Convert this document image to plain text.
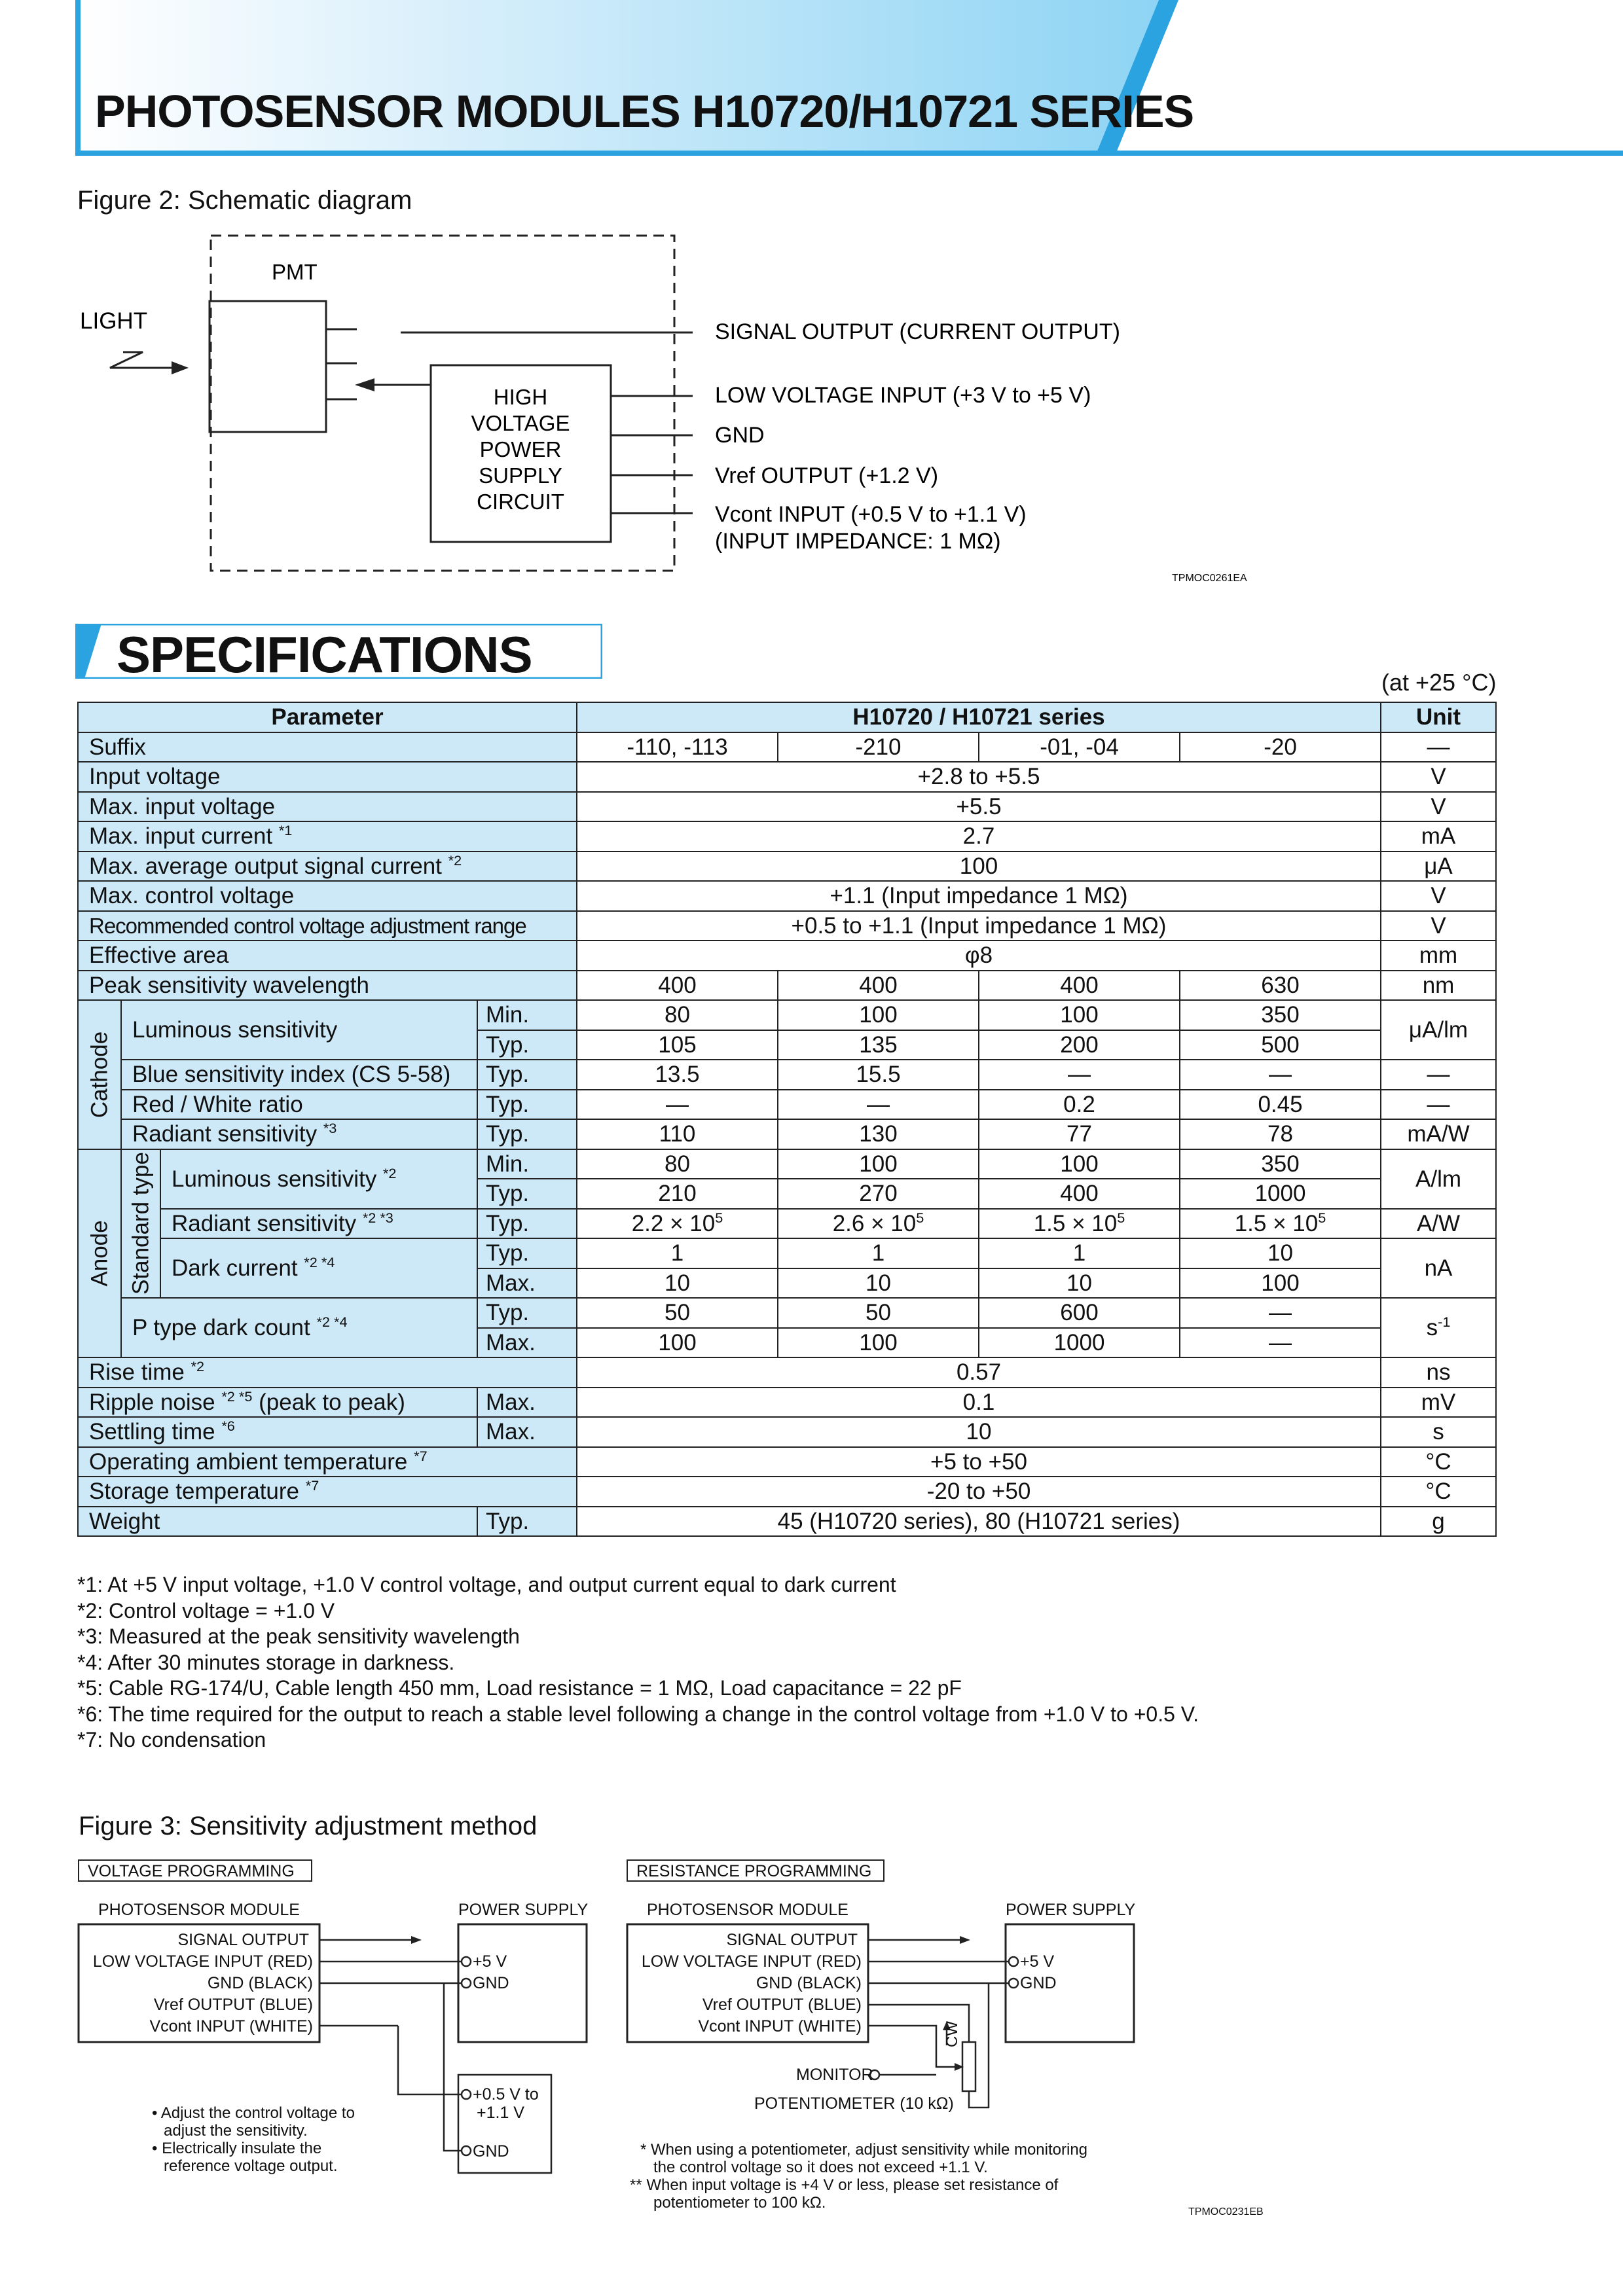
PHOTOSENSOR MODULES H10720/H10721 SERIES
Figure 2: Schematic diagram
PMT
LIGHT
HIGH
VOLTAGE
POWER
SUPPLY
CIRCUIT
SIGNAL OUTPUT (CURRENT OUTPUT)
LOW VOLTAGE INPUT (+3 V to +5 V)
GND
Vref OUTPUT (+1.2 V)
Vcont INPUT (+0.5 V to +1.1 V)
(INPUT IMPEDANCE: 1 MΩ)
TPMOC0261EA
SPECIFICATIONS	(at +25 °C)
Parameter				H10720 / H10721 series				Unit
Suffix				-110, -113	-210	-01, -04	-20	—
Input voltage				+2.8 to +5.5				V
Max. input voltage				+5.5				V
Max. input current $^{*1}$				2.7				mA
Max. average output signal current $^{*2}$				100				μA
Max. control voltage				+1.1 (Input impedance 1 MΩ)				V
Recommended control voltage adjustment range				+0.5 to +1.1 (Input impedance 1 MΩ)				V
Effective area				φ8				mm
Peak sensitivity wavelength				400	400	400	630	nm

Cathode	Luminous sensitivity		Min.	80	100	100	350	μA/lm
			Typ.	105	135	200	500	
	Blue sensitivity index (CS 5-58)		Typ.	13.5	15.5	—	—	—
	Red / White ratio		Typ.	—	—	0.2	0.45	—
	Radiant sensitivity $^{*3}$		Typ.	110	130	77	78	mA/W

Anode	Standard type	Luminous sensitivity $^{*2}$	Min.	80	100	100	350	A/lm
			Typ.	210	270	400	1000	
		Radiant sensitivity $^{*2 *3}$	Typ.	$2.2 \times 10^5$	$2.6 \times 10^5$	$1.5 \times 10^5$	$1.5 \times 10^5$	A/W
		Dark current $^{*2 *4}$	Typ.	1	1	1	10	nA
			Max.	10	10	10	100	
	P type dark count $^{*2 *4}$		Typ.	50	50	600	—	$s^{-1}$
			Max.	100	100	1000	—	
Rise time $^{*2}$				0.57				ns
Ripple noise $^{*2 *5}$ (peak to peak)			Max.	0.1				mV
Settling time $^{*6}$			Max.	10				s
Operating ambient temperature $^{*7}$				+5 to +50				°C
Storage temperature $^{*7}$				-20 to +50				°C
Weight			Typ.	45 (H10720 series), 80 (H10721 series)				g
*1: At +5 V input voltage, +1.0 V control voltage, and output current equal to dark current
*2: Control voltage = +1.0 V
*3: Measured at the peak sensitivity wavelength
*4: After 30 minutes storage in darkness.
*5: Cable RG-174/U, Cable length 450 mm, Load resistance = 1 MΩ, Load capacitance = 22 pF
*6: The time required for the output to reach a stable level following a change in the control voltage from +1.0 V to +0.5 V.
*7: No condensation
Figure 3: Sensitivity adjustment method
VOLTAGE PROGRAMMING
PHOTOSENSOR MODULE	POWER SUPPLY
SIGNAL OUTPUT
LOW VOLTAGE INPUT (RED)
GND (BLACK)
Vref OUTPUT (BLUE)
Vcont INPUT (WHITE)
+5 V
GND
+0.5 V to
+1.1 V
GND
• Adjust the control voltage to
adjust the sensitivity.
• Electrically insulate the
reference voltage output.
RESISTANCE PROGRAMMING
PHOTOSENSOR MODULE	POWER SUPPLY
SIGNAL OUTPUT
LOW VOLTAGE INPUT (RED)
GND (BLACK)
Vref OUTPUT (BLUE)
Vcont INPUT (WHITE)
+5 V
GND
CW
MONITOR
POTENTIOMETER (10 kΩ)
* When using a potentiometer, adjust sensitivity while monitoring
the control voltage so it does not exceed +1.1 V.
** When input voltage is +4 V or less, please set resistance of
potentiometer to 100 kΩ.
TPMOC0231EB
